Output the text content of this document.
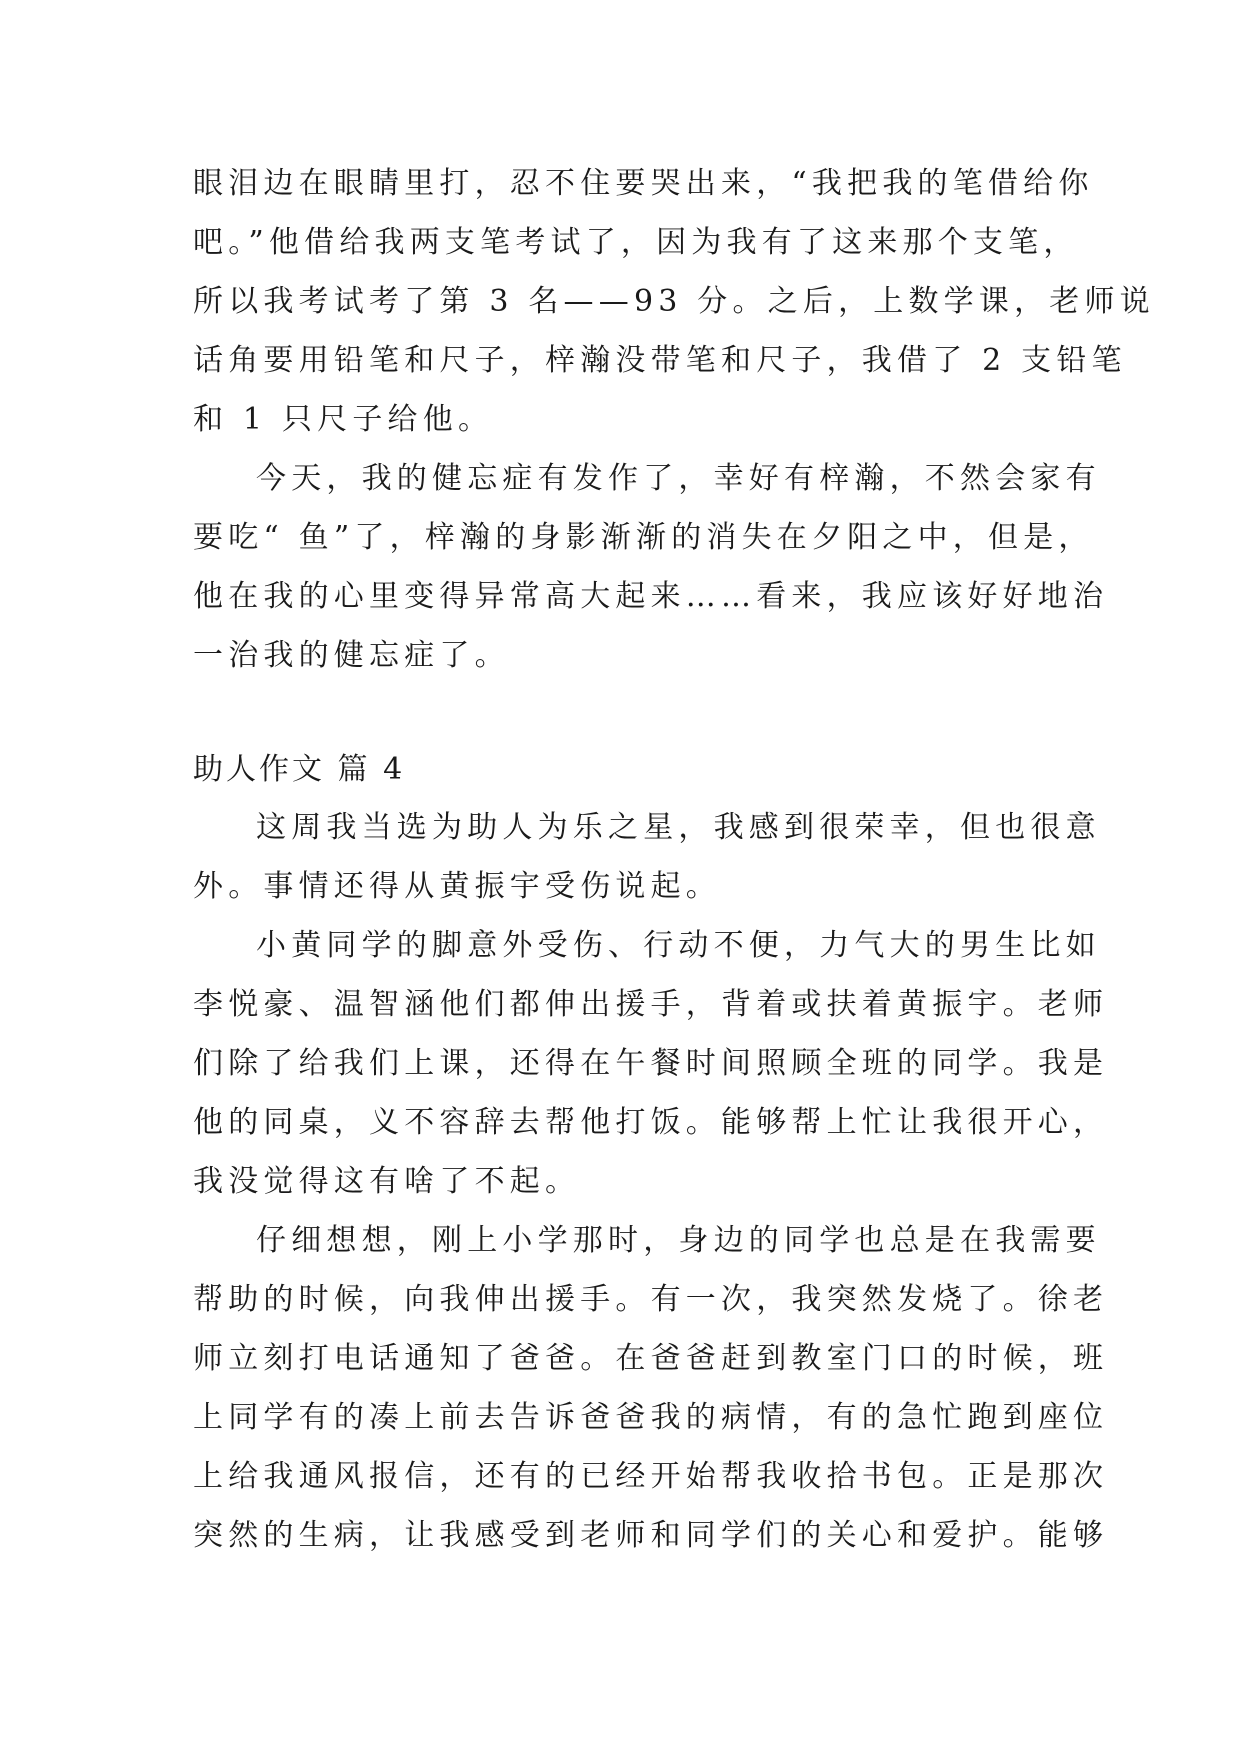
眼泪边在眼睛里打，忍不住要哭出来，“我把我的笔借给你
吧。”他借给我两支笔考试了，因为我有了这来那个支笔，
所以我考试考了第 3 名——93 分。之后，上数学课，老师说
话角要用铅笔和尺子，梓瀚没带笔和尺子，我借了 2 支铅笔
和 1 只尺子给他。
今天，我的健忘症有发作了，幸好有梓瀚，不然会家有
要吃“ 鱼”了，梓瀚的身影渐渐的消失在夕阳之中，但是，
他在我的心里变得异常高大起来……看来，我应该好好地治
一治我的健忘症了。
助人作文 篇 4
这周我当选为助人为乐之星，我感到很荣幸，但也很意
外。事情还得从黄振宇受伤说起。
小黄同学的脚意外受伤、行动不便，力气大的男生比如
李悦豪、温智涵他们都伸出援手，背着或扶着黄振宇。老师
们除了给我们上课，还得在午餐时间照顾全班的同学。我是
他的同桌，义不容辞去帮他打饭。能够帮上忙让我很开心，
我没觉得这有啥了不起。
仔细想想，刚上小学那时，身边的同学也总是在我需要
帮助的时候，向我伸出援手。有一次，我突然发烧了。徐老
师立刻打电话通知了爸爸。在爸爸赶到教室门口的时候，班
上同学有的凑上前去告诉爸爸我的病情，有的急忙跑到座位
上给我通风报信，还有的已经开始帮我收拾书包。正是那次
突然的生病，让我感受到老师和同学们的关心和爱护。能够
